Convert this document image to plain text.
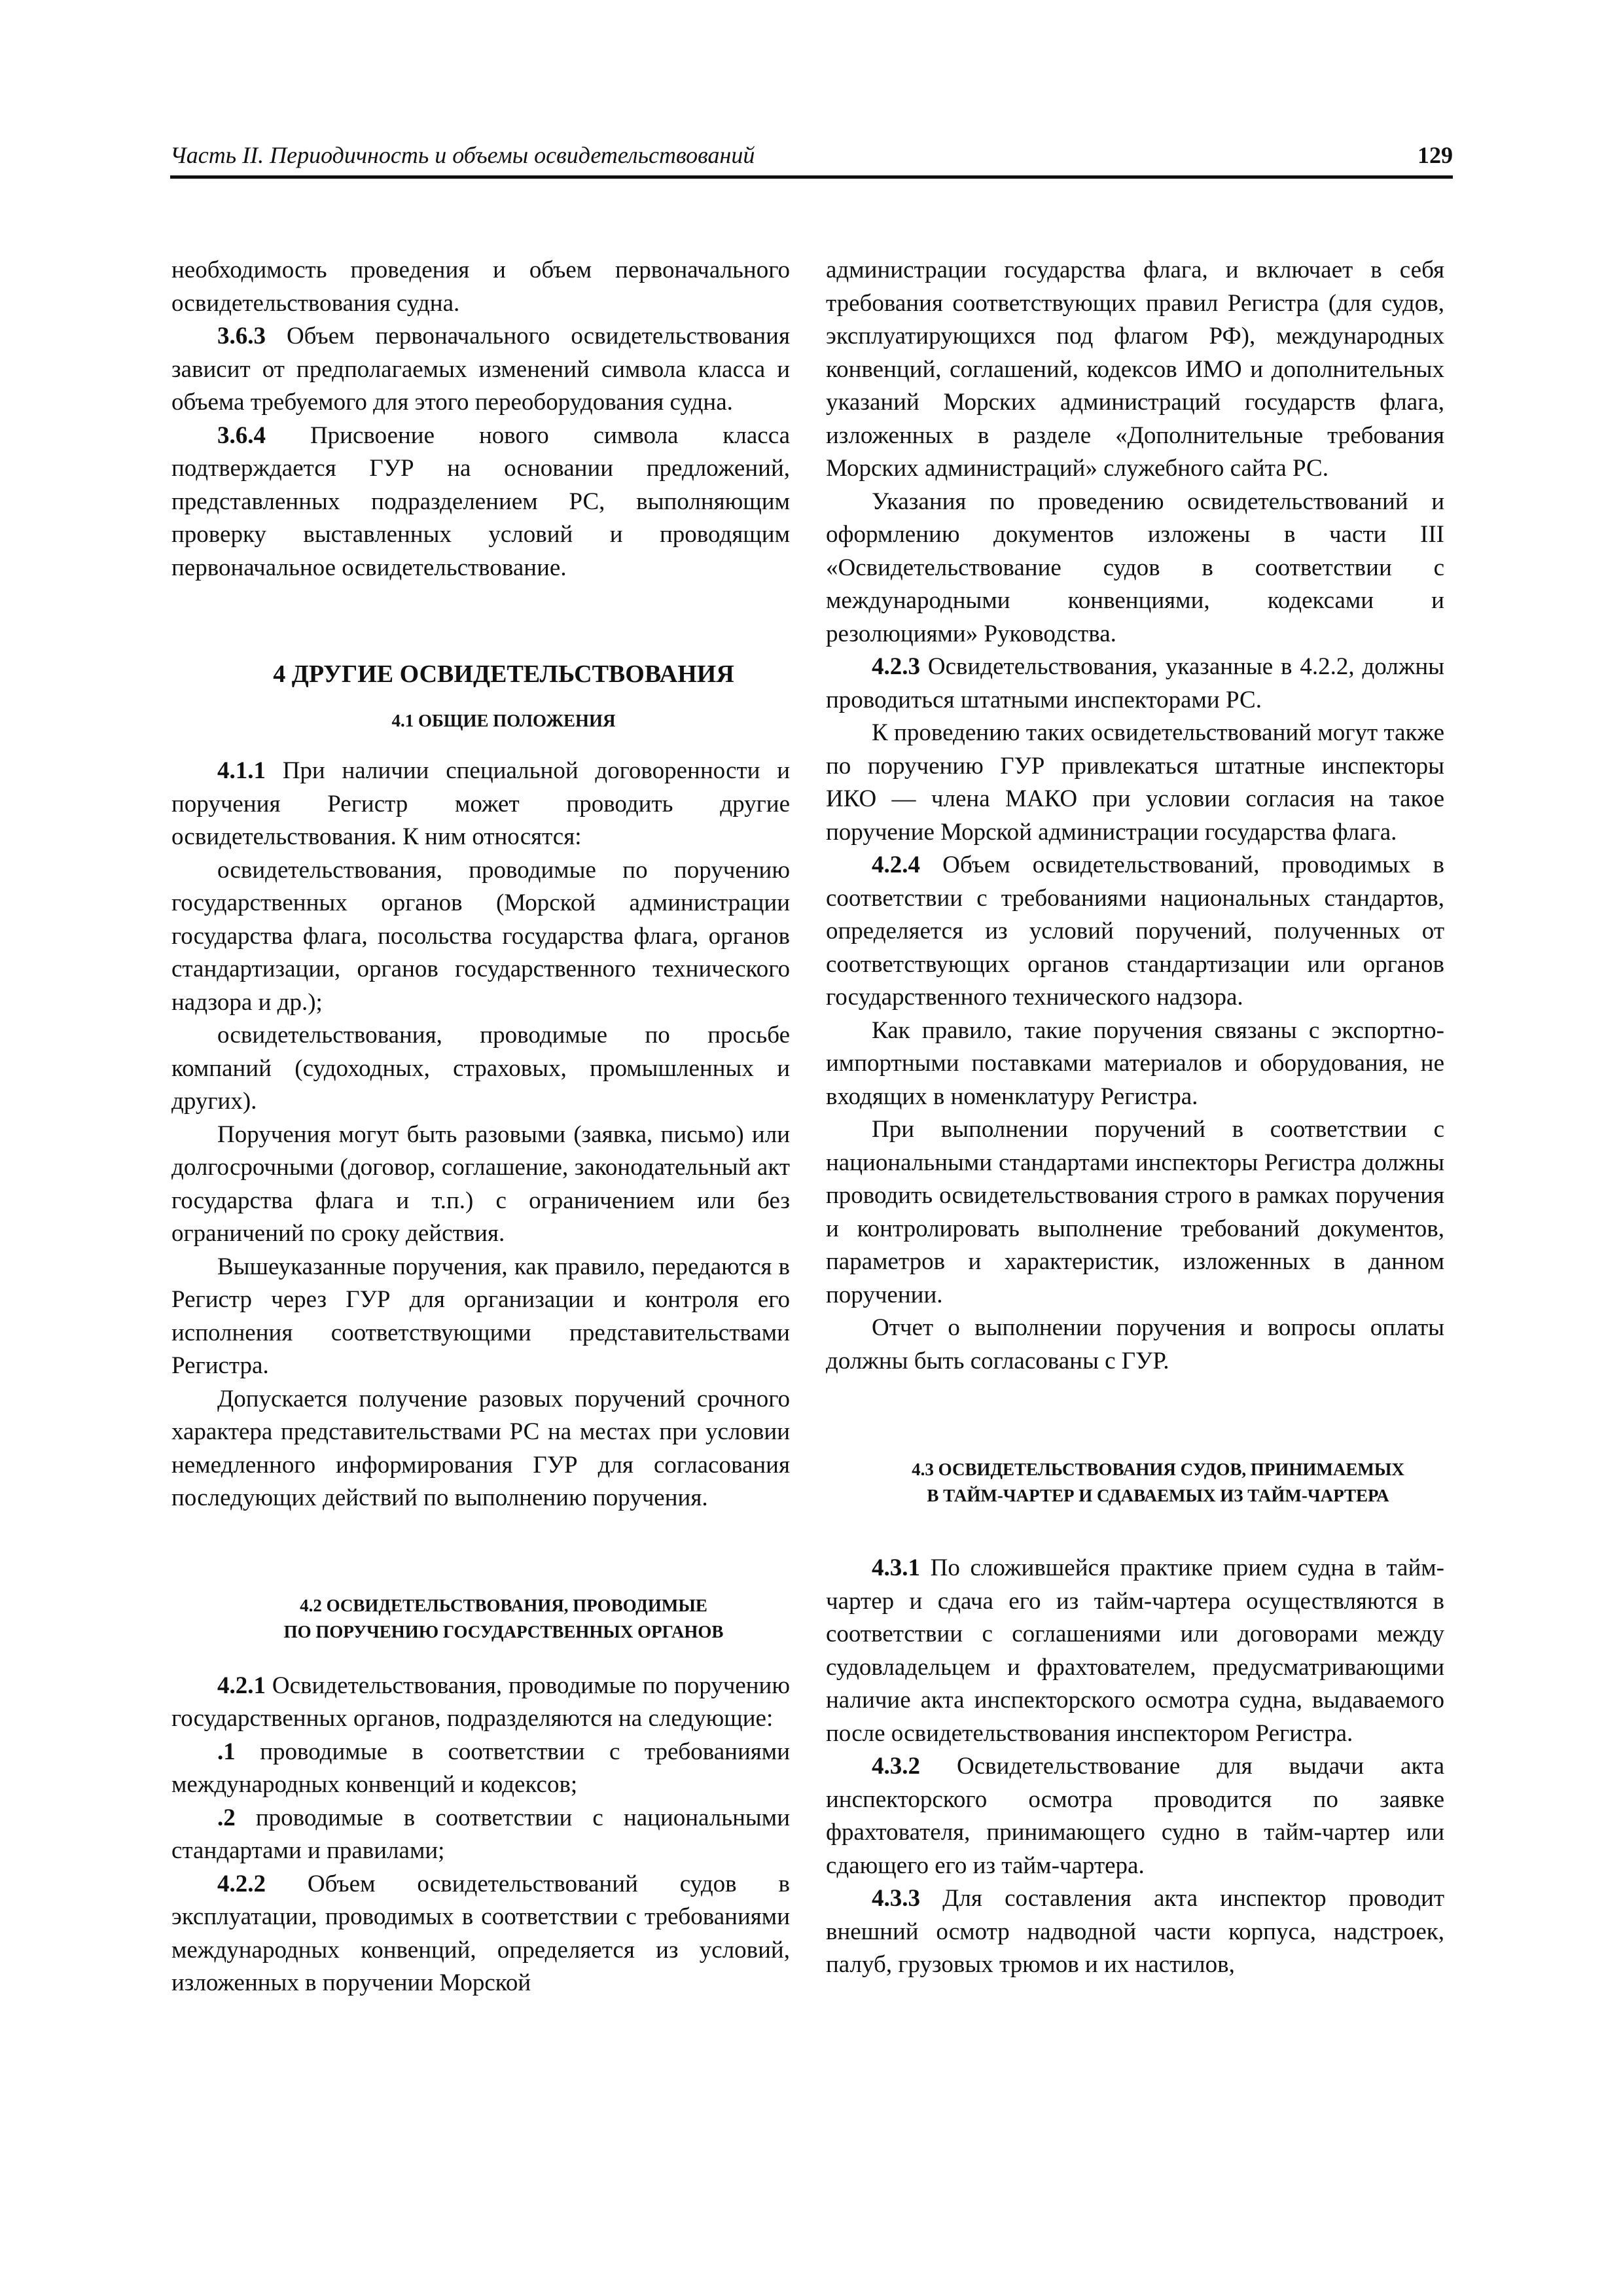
Часть II. Периодичность и объемы освидетельствований	129

необходимость проведения и объем первоначального освидетельствования судна.

3.6.3 Объем первоначального освидетельствования зависит от предполагаемых изменений символа класса и объема требуемого для этого переоборудования судна.

3.6.4 Присвоение нового символа класса подтверждается ГУР на основании предложений, представленных подразделением РС, выполняющим проверку выставленных условий и проводящим первоначальное освидетельствование.

4 ДРУГИЕ ОСВИДЕТЕЛЬСТВОВАНИЯ

4.1 ОБЩИЕ ПОЛОЖЕНИЯ

4.1.1 При наличии специальной договоренности и поручения Регистр может проводить другие освидетельствования. К ним относятся:

освидетельствования, проводимые по поручению государственных органов (Морской администрации государства флага, посольства государства флага, органов стандартизации, органов государственного технического надзора и др.);

освидетельствования, проводимые по просьбе компаний (судоходных, страховых, промышленных и других).

Поручения могут быть разовыми (заявка, письмо) или долгосрочными (договор, соглашение, законодательный акт государства флага и т.п.) с ограничением или без ограничений по сроку действия.

Вышеуказанные поручения, как правило, передаются в Регистр через ГУР для организации и контроля его исполнения соответствующими представительствами Регистра.

Допускается получение разовых поручений срочного характера представительствами РС на местах при условии немедленного информирования ГУР для согласования последующих действий по выполнению поручения.

4.2 ОСВИДЕТЕЛЬСТВОВАНИЯ, ПРОВОДИМЫЕ

ПО ПОРУЧЕНИЮ ГОСУДАРСТВЕННЫХ ОРГАНОВ

4.2.1 Освидетельствования, проводимые по поручению государственных органов, подразделяются на следующие:

.1 проводимые в соответствии с требованиями международных конвенций и кодексов;

.2 проводимые в соответствии с национальными стандартами и правилами;

4.2.2 Объем освидетельствований судов в эксплуатации, проводимых в соответствии с требованиями международных конвенций, определяется из условий, изложенных в поручении Морской

администрации государства флага, и включает в себя требования соответствующих правил Регистра (для судов, эксплуатирующихся под флагом РФ), международных конвенций, соглашений, кодексов ИМО и дополнительных указаний Морских администраций государств флага, изложенных в разделе «Дополнительные требования Морских администраций» служебного сайта РС.

Указания по проведению освидетельствований и оформлению документов изложены в части III «Освидетельствование судов в соответствии с международными конвенциями, кодексами и резолюциями» Руководства.

4.2.3 Освидетельствования, указанные в 4.2.2, должны проводиться штатными инспекторами РС.

К проведению таких освидетельствований могут также по поручению ГУР привлекаться штатные инспекторы ИКО — члена МАКО при условии согласия на такое поручение Морской администрации государства флага.

4.2.4 Объем освидетельствований, проводимых в соответствии с требованиями национальных стандартов, определяется из условий поручений, полученных от соответствующих органов стандартизации или органов государственного технического надзора.

Как правило, такие поручения связаны с экспортно-импортными поставками материалов и оборудования, не входящих в номенклатуру Регистра.

При выполнении поручений в соответствии с национальными стандартами инспекторы Регистра должны проводить освидетельствования строго в рамках поручения и контролировать выполнение требований документов, параметров и характеристик, изложенных в данном поручении.

Отчет о выполнении поручения и вопросы оплаты должны быть согласованы с ГУР.

4.3 ОСВИДЕТЕЛЬСТВОВАНИЯ СУДОВ, ПРИНИМАЕМЫХ

В ТАЙМ-ЧАРТЕР И СДАВАЕМЫХ ИЗ ТАЙМ-ЧАРТЕРА

4.3.1 По сложившейся практике прием судна в тайм-чартер и сдача его из тайм-чартера осуществляются в соответствии с соглашениями или договорами между судовладельцем и фрахтователем, предусматривающими наличие акта инспекторского осмотра судна, выдаваемого после освидетельствования инспектором Регистра.

4.3.2 Освидетельствование для выдачи акта инспекторского осмотра проводится по заявке фрахтователя, принимающего судно в тайм-чартер или сдающего его из тайм-чартера.

4.3.3 Для составления акта инспектор проводит внешний осмотр надводной части корпуса, надстроек, палуб, грузовых трюмов и их настилов,
